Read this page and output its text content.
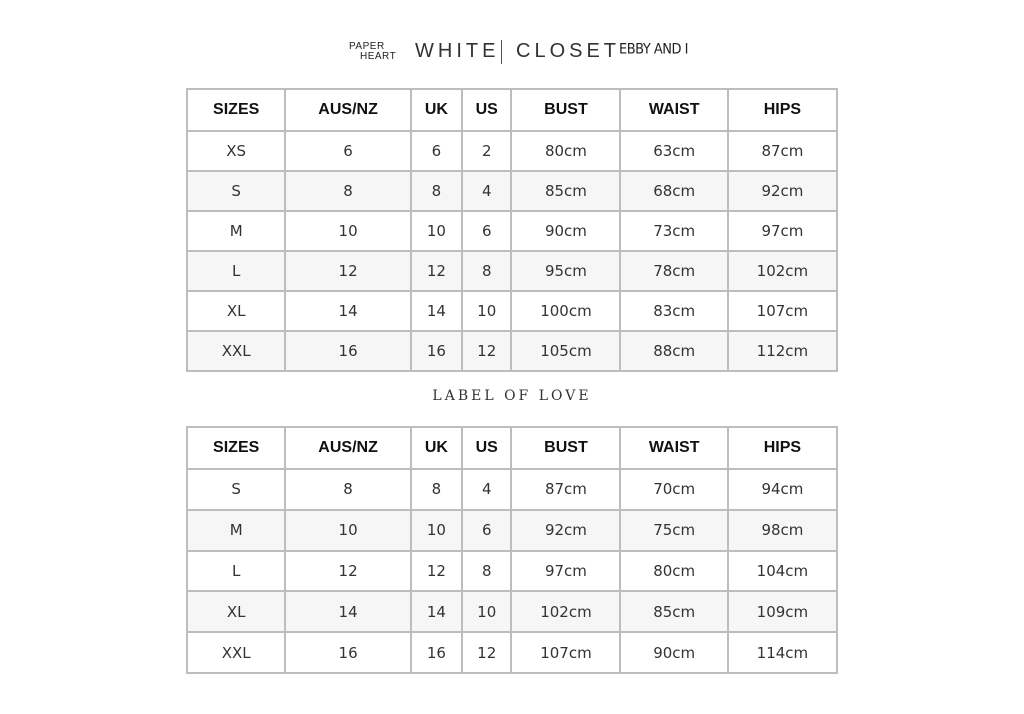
PAPER
HEART WHITE CLOSET
EBBY AND I
SIZES	AUS/NZ	UK	US	BUST	WAIST	HIPS
XS	6	6	2	80cm	63cm	87cm
S	8	8	4	85cm	68cm	92cm
M	10	10	6	90cm	73cm	97cm
L	12	12	8	95cm	78cm	102cm
XL	14	14	10	100cm	83cm	107cm
XXL	16	16	12	105cm	88cm	112cm
LABEL OF LOVE
SIZES	AUS/NZ	UK	US	BUST	WAIST	HIPS
S	8	8	4	87cm	70cm	94cm
M	10	10	6	92cm	75cm	98cm
L	12	12	8	97cm	80cm	104cm
XL	14	14	10	102cm	85cm	109cm
XXL	16	16	12	107cm	90cm	114cm
